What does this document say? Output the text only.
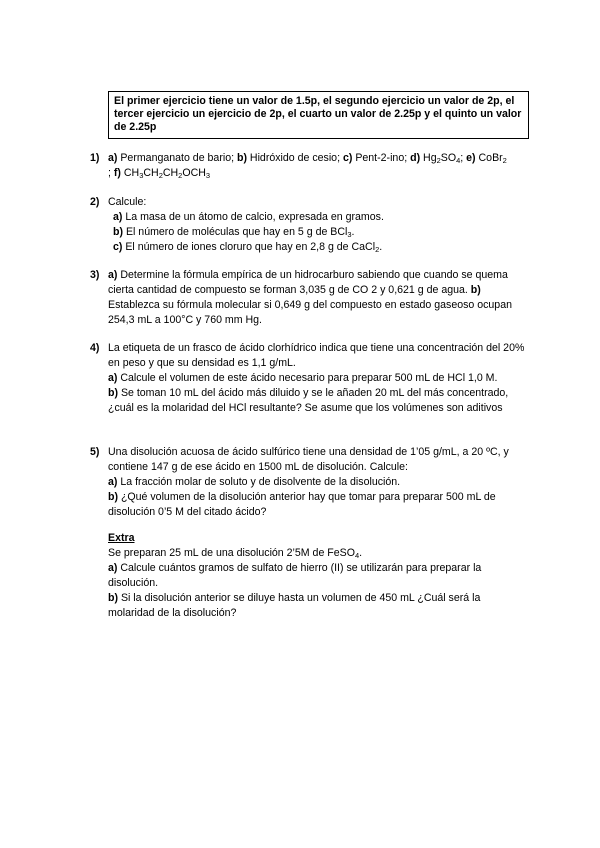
El primer ejercicio tiene un valor de 1.5p, el segundo ejercicio un valor de 2p, el tercer ejercicio un ejercicio de 2p, el cuarto un valor de 2.25p y el quinto un valor de 2.25p
1) a) Permanganato de bario; b) Hidróxido de cesio; c) Pent-2-ino; d) $Hg_2SO_4$; e) CoBr$_2$
; f) $CH_3CH_2CH_2OCH_3$
2) Calcule:
a) La masa de un átomo de calcio, expresada en gramos.
b) El número de moléculas que hay en 5 g de BCl$_3$.
c) El número de iones cloruro que hay en 2,8 g de CaCl$_2$.
3) a) Determine la fórmula empírica de un hidrocarburo sabiendo que cuando se quema cierta cantidad de compuesto se forman 3,035 g de CO 2 y 0,621 g de agua. b) Establezca su fórmula molecular si 0,649 g del compuesto en estado gaseoso ocupan 254,3 mL a 100°C y 760 mm Hg.
4) La etiqueta de un frasco de ácido clorhídrico indica que tiene una concentración del 20% en peso y que su densidad es 1,1 g/mL.
a) Calcule el volumen de este ácido necesario para preparar 500 mL de HCl 1,0 M.
b) Se toman 10 mL del ácido más diluido y se le añaden 20 mL del más concentrado, ¿cuál es la molaridad del HCl resultante? Se asume que los volúmenes son aditivos
5) Una disolución acuosa de ácido sulfúrico tiene una densidad de 1’05 g/mL, a 20 ºC, y contiene 147 g de ese ácido en 1500 mL de disolución. Calcule:
a) La fracción molar de soluto y de disolvente de la disolución.
b) ¿Qué volumen de la disolución anterior hay que tomar para preparar 500 mL de disolución 0’5 M del citado ácido?
Extra
Se preparan 25 mL de una disolución 2’5M de FeSO$_4$.
a) Calcule cuántos gramos de sulfato de hierro (II) se utilizarán para preparar la disolución.
b) Si la disolución anterior se diluye hasta un volumen de 450 mL ¿Cuál será la molaridad de la disolución?
